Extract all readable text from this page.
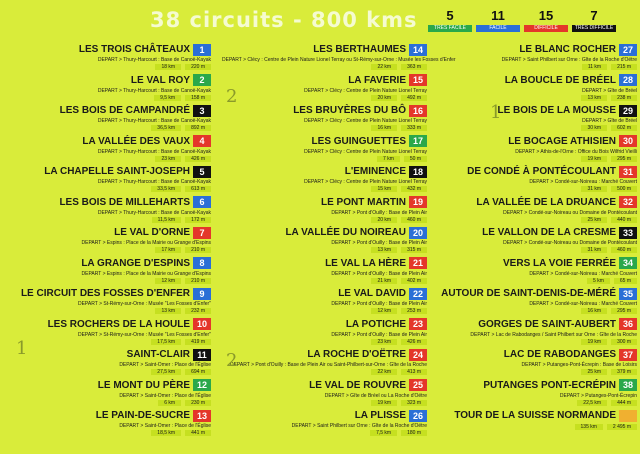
38 circuits - 800 kms	5
TRÈS FACILE
11
FACILE
15
DIFFICILE
7
TRÈS DIFFICILE
LES TROIS CHÂTEAUX	1
DEPART > Thury-Harcourt : Base de Canoë-Kayak
18 km	220 m
LE VAL ROY	2
DEPART > Thury-Harcourt : Base de Canoë-Kayak
9,5 km	158 m
LES BOIS DE CAMPANDRÉ	3
DEPART > Thury-Harcourt : Base de Canoë-Kayak
36,5 km	892 m
LA VALLÉE DES VAUX	4
DEPART > Thury-Harcourt : Base de Canoë-Kayak
23 km	426 m
LA CHAPELLE SAINT-JOSEPH	5
DEPART > Thury-Harcourt : Base de Canoë-Kayak
33,5 km	613 m
LES BOIS DE MILLEHARTS	6
DEPART > Thury-Harcourt : Base de Canoë-Kayak
11,5 km	172 m
LE VAL D'ORNE	7
DEPART > Espins : Place de la Mairie ou Grange d'Espins
17 km	210 m
LA GRANGE D'ESPINS	8
DEPART > Espins : Place de la Mairie ou Grange d'Espins
12 km	210 m
LE CIRCUIT DES FOSSES D'ENFER	9
DEPART > St-Rémy-sur-Orne : Musée "Les Fosses d'Enfer"
13 km	232 m
LES ROCHERS DE LA HOULE 10
DEPART > St-Rémy-sur-Orne : Musée "Les Fosses d'Enfer"
17,5 km	419 m
SAINT-CLAIR 11
DEPART > Saint-Omer : Place de l'Église
27,5 km	694 m
LE MONT DU PÈRE 12
DEPART > Saint-Omer : Place de l'Église
6 km	230 m
LE PAIN-DE-SUCRE 13
DEPART > Saint-Omer : Place de l'Église
18,5 km	441 m
LES BERTHAUMES 14
DEPART > Clécy : Centre de Plein Nature Lionel Terray ou St-Rémy-sur-Orne : Musée les Fosses d'Enfer
22 km	363 m
LA FAVERIE 15
DEPART > Clécy : Centre de Plein Nature Lionel Terray
20 km	492 m
LES BRUYÈRES DU BÔ 16
DEPART > Clécy : Centre de Plein Nature Lionel Terray
16 km	333 m
LES GUINGUETTES 17
DEPART > Clécy : Centre de Plein Nature Lionel Terray
7 km	50 m
L'EMINENCE 18
DEPART > Clécy : Centre de Plein Nature Lionel Terray
15 km	432 m
LE PONT MARTIN 19
DEPART > Pont d'Ouilly : Base de Plein Air
20 km	460 m
LA VALLÉE DU NOIREAU 20
DEPART > Pont d'Ouilly : Base de Plein Air
13 km	315 m
LE VAL LA HÈRE 21
DEPART > Pont d'Ouilly : Base de Plein Air
21 km	402 m
LE VAL DAVID 22
DEPART > Pont d'Ouilly : Base de Plein Air
12 km	253 m
LA POTICHE 23
DEPART > Pont d'Ouilly : Base de Plein Air
23 km	426 m
LA ROCHE D'OËTRE 24
DEPART > Pont d'Ouilly : Base de Plein Air ou Saint-Philbert-sur-Orne : Gîte de la Roche
22 km	413 m
LE VAL DE ROUVRE 25
DEPART > Gîte de Bréel ou La Roche d'Oëtre
19 km	323 m
LA PLISSE 26
DEPART > Saint Philbert sur Orne : Gîte de la Roche d'Oëtre
7,5 km	180 m
LE BLANC ROCHER 27
DEPART > Saint Philbert sur Orne : Gîte de la Roche d'Oëtre
11 km	215 m
LA BOUCLE DE BRÉEL 28
DEPART > Gîte de Bréel
13 km	238 m
LE BOIS DE LA MOUSSE 29
DEPART > Gîte de Bréel
30 km	602 m
LE BOCAGE ATHISIEN 30
DEPART > Athis-de-l'Orne : Office du Bois Wilfrid Vieilli
19 km	295 m
DE CONDÉ À PONTÉCOULANT 31
DEPART > Condé-sur-Noireau : Marché Couvert
31 km	500 m
LA VALLÉE DE LA DRUANCE 32
DEPART > Condé-sur-Noireau ou Domaine de Pontécoulant
25 km	440 m
LE VALLON DE LA CRESME 33
DEPART > Condé-sur-Noireau ou Domaine de Pontécoulant
31 km	460 m
VERS LA VOIE FERRÉE 34
DEPART > Condé-sur-Noireau : Marché Couvert
5 km	65 m
AUTOUR DE SAINT-DENIS-DE-MÉRÉ 35
DEPART > Condé-sur-Noireau : Marché Couvert
16 km	295 m
GORGES DE SAINT-AUBERT 36
DEPART > Lac de Rabodanges / Saint Philbert sur Orne : Gîte de la Roche
19 km	300 m
LAC DE RABODANGES 37
DEPART > Putanges-Pont-Écrepin : Base de Loisirs
25 km	379 m
PUTANGES PONT-ECRÉPIN 38
DEPART > Putanges-Pont-Écrepin
22,5 km	444 m
TOUR DE LA SUISSE NORMANDE
135 km	2 495 m
1
2
1
2
